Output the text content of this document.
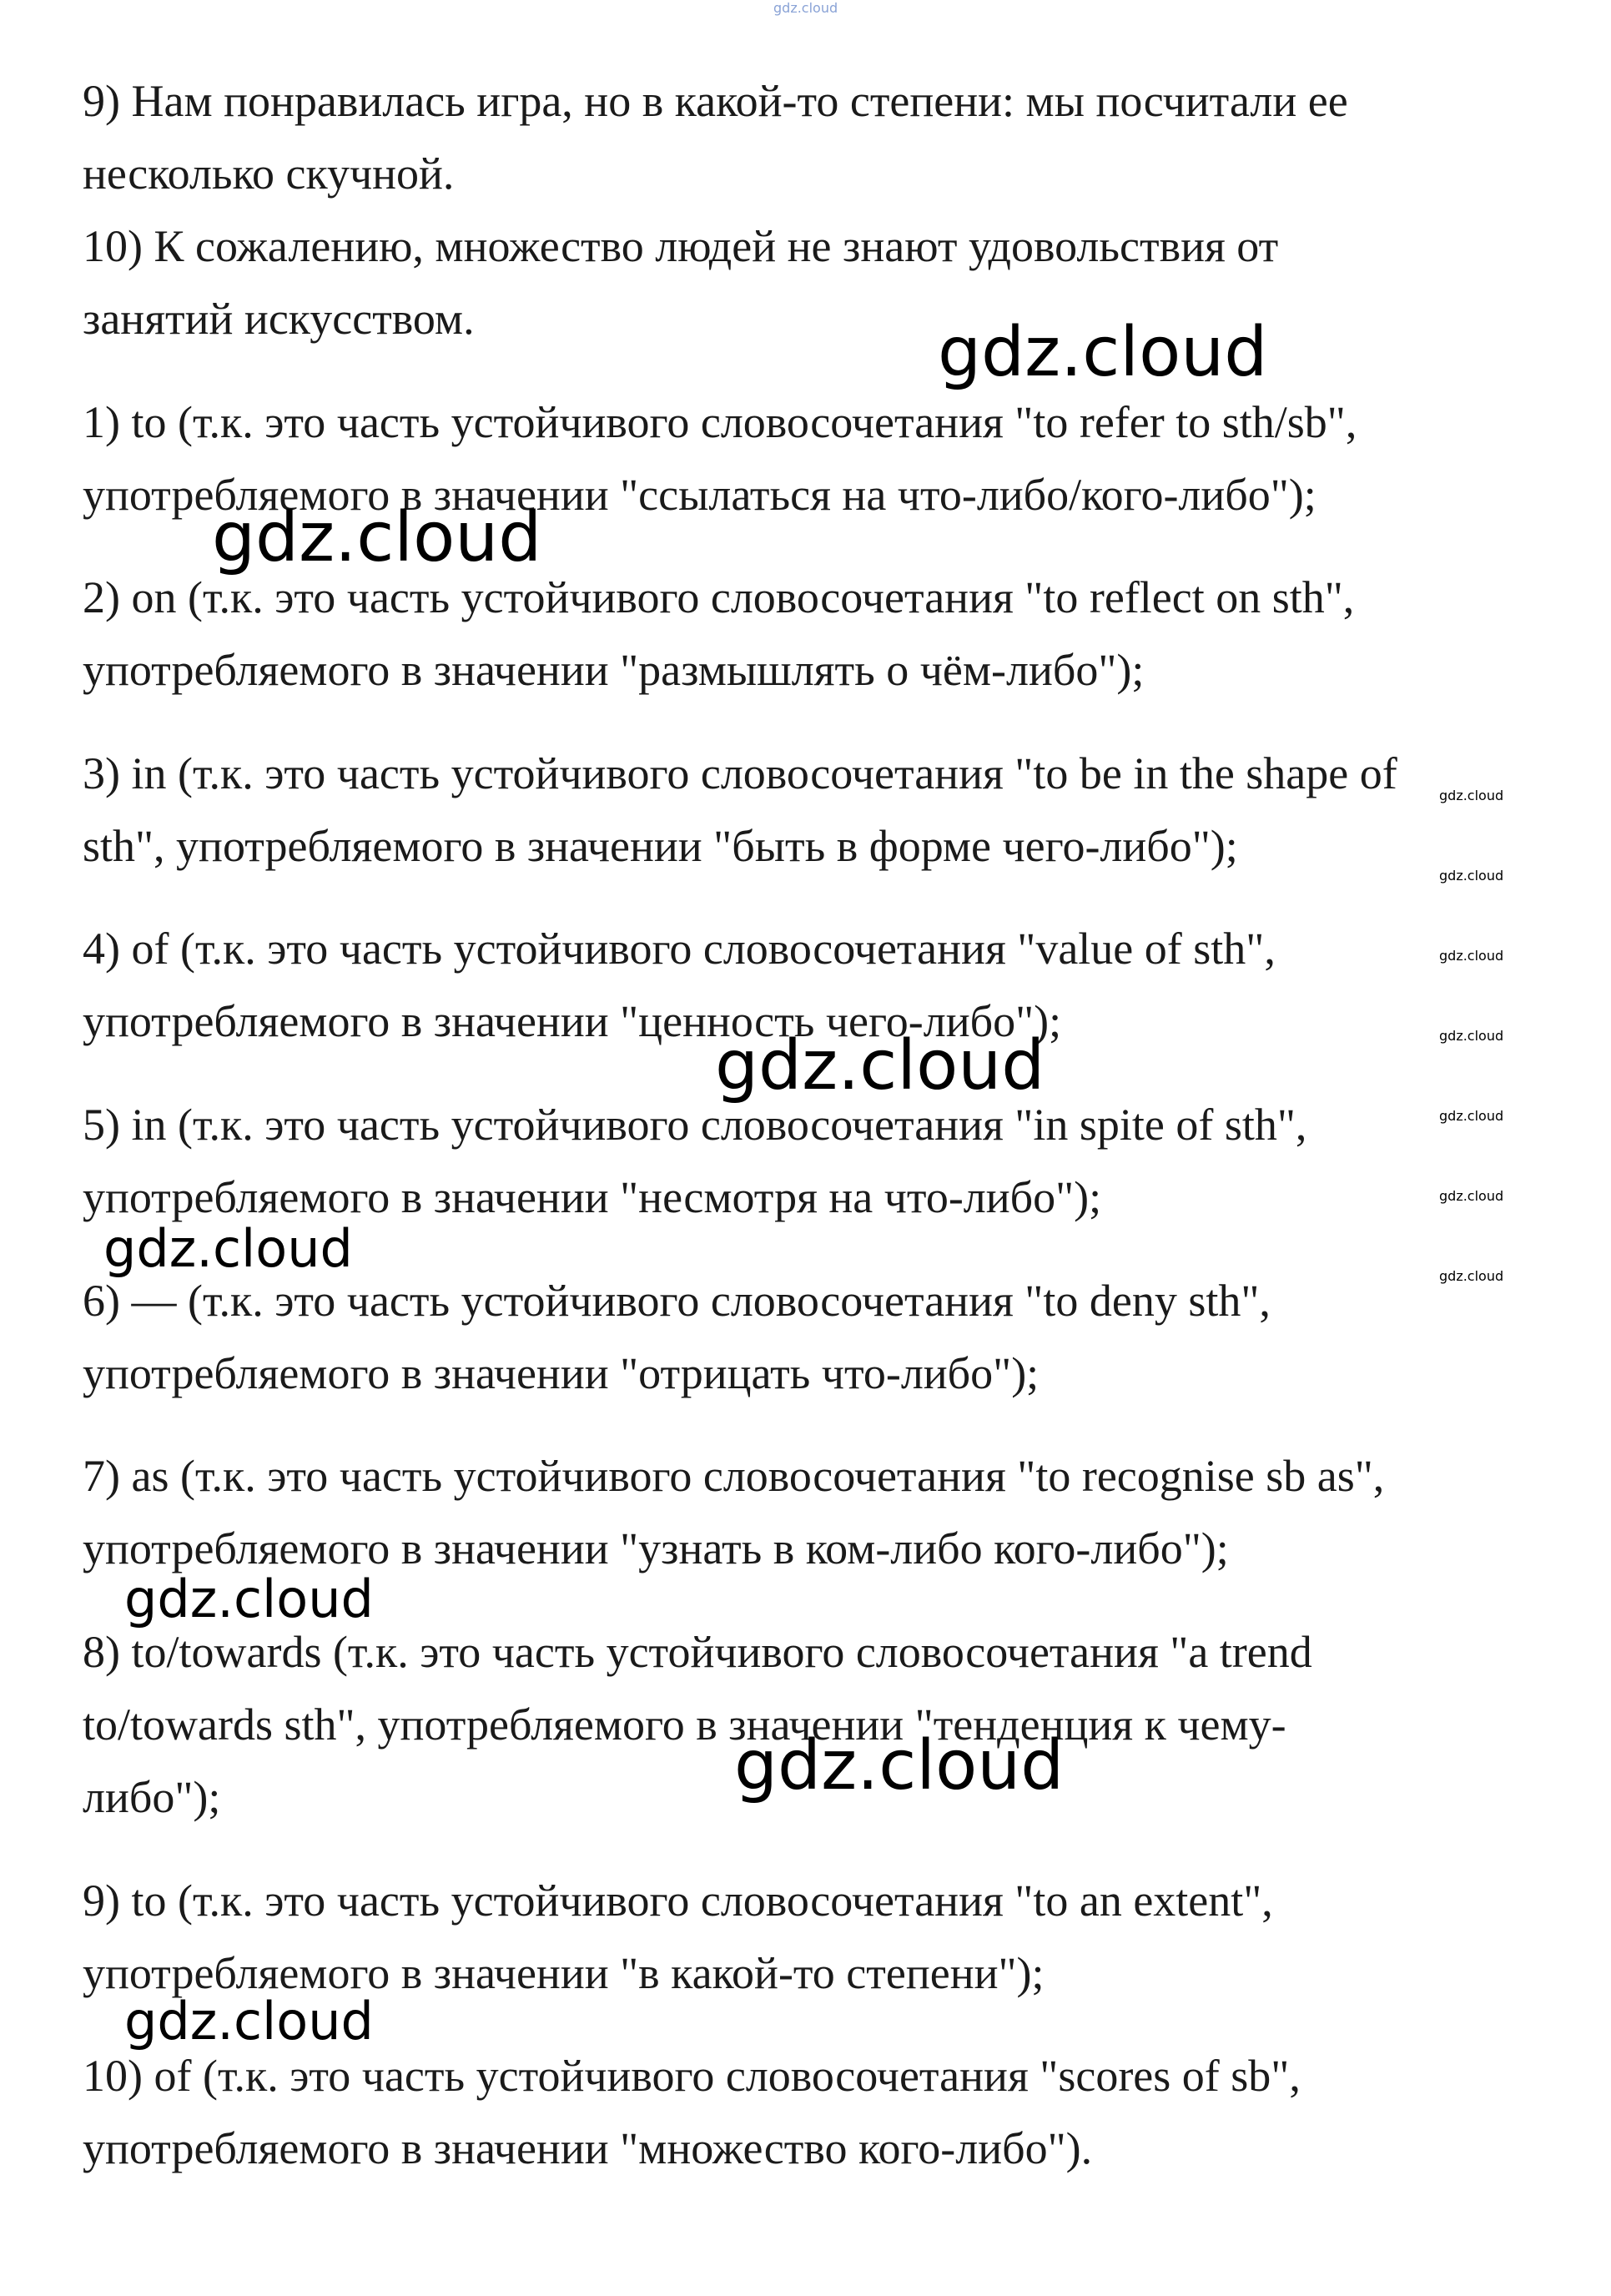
gdz.cloud
9) Нам понравилась игра, но в какой-то степени: мы посчитали ее
несколько скучной.
10) К сожалению, множество людей не знают удовольствия от
занятий искусством.
1) to (т.к. это часть устойчивого словосочетания "to refer to sth/sb",
употребляемого в значении "ссылаться на что-либо/кого-либо");
2) on (т.к. это часть устойчивого словосочетания "to reflect on sth",
употребляемого в значении "размышлять о чём-либо");
3) in (т.к. это часть устойчивого словосочетания "to be in the shape of
sth", употребляемого в значении "быть в форме чего-либо");
4) of (т.к. это часть устойчивого словосочетания "value of sth",
употребляемого в значении "ценность чего-либо");
5) in (т.к. это часть устойчивого словосочетания "in spite of sth",
употребляемого в значении "несмотря на что-либо");
6) — (т.к. это часть устойчивого словосочетания "to deny sth",
употребляемого в значении "отрицать что-либо");
7) as (т.к. это часть устойчивого словосочетания "to recognise sb as",
употребляемого в значении "узнать в ком-либо кого-либо");
8) to/towards (т.к. это часть устойчивого словосочетания "a trend
to/towards sth", употребляемого в значении "тенденция к чему-
либо");
9) to (т.к. это часть устойчивого словосочетания "to an extent",
употребляемого в значении "в какой-то степени");
10) of (т.к. это часть устойчивого словосочетания "scores of sb",
употребляемого в значении "множество кого-либо").
gdz.cloud
gdz.cloud
gdz.cloud
gdz.cloud
gdz.cloud
gdz.cloud
gdz.cloud
gdz.cloud
gdz.cloud
gdz.cloud
gdz.cloud
gdz.cloud
gdz.cloud
gdz.cloud
